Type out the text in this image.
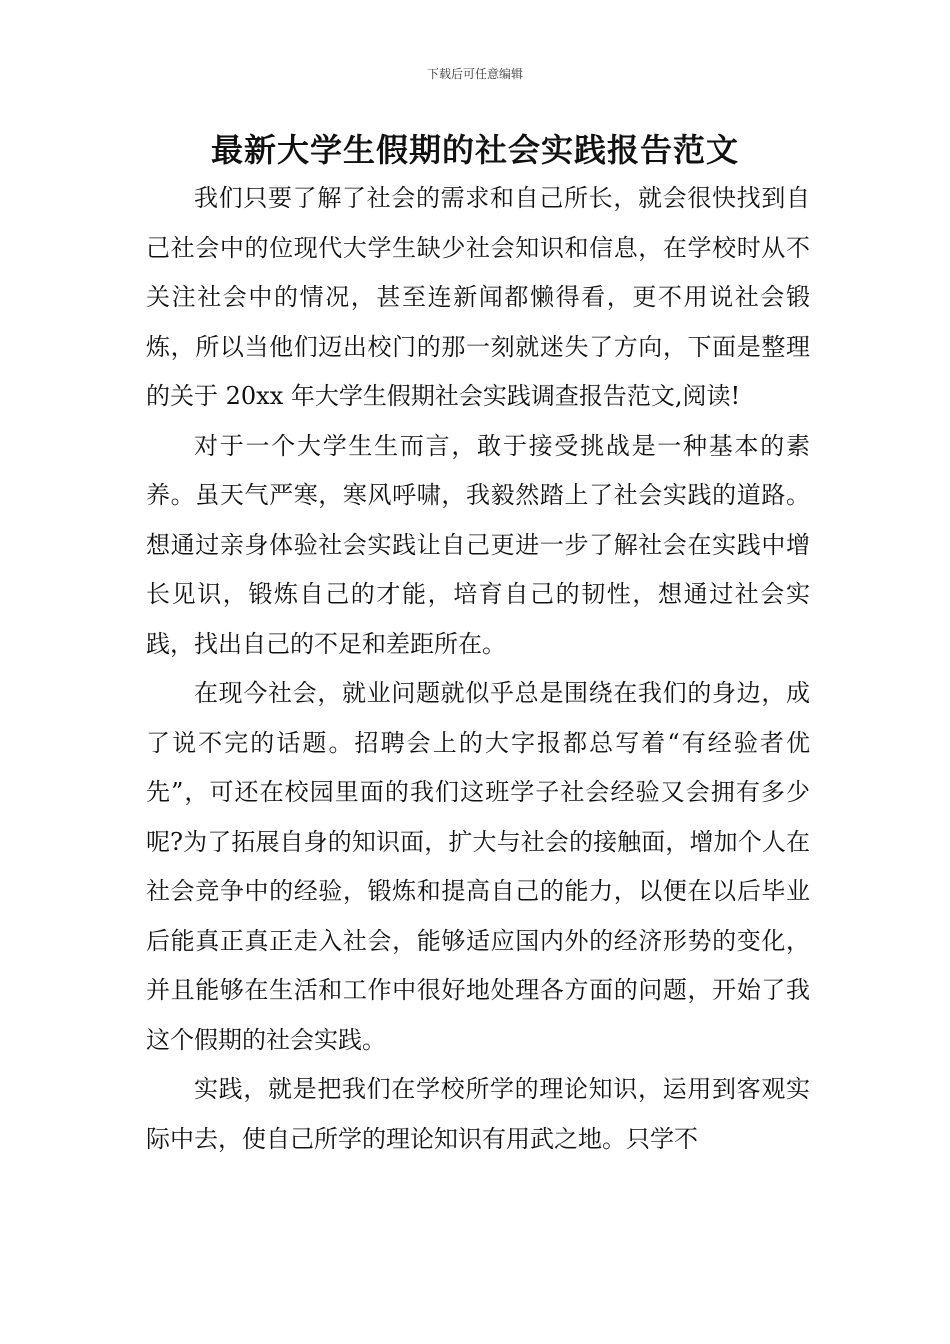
下载后可任意编辑
最新大学生假期的社会实践报告范文

我们只要了解了社会的需求和自己所长，就会很快找到自己社会中的位现代大学生缺少社会知识和信息，在学校时从不关注社会中的情况，甚至连新闻都懒得看，更不用说社会锻炼，所以当他们迈出校门的那一刻就迷失了方向，下面是整理的关于 20xx 年大学生假期社会实践调查报告范文,阅读!

对于一个大学生生而言，敢于接受挑战是一种基本的素养。虽天气严寒，寒风呼啸，我毅然踏上了社会实践的道路。想通过亲身体验社会实践让自己更进一步了解社会在实践中增长见识，锻炼自己的才能，培育自己的韧性，想通过社会实践，找出自己的不足和差距所在。

在现今社会，就业问题就似乎总是围绕在我们的身边，成了说不完的话题。招聘会上的大字报都总写着“有经验者优先”，可还在校园里面的我们这班学子社会经验又会拥有多少呢?为了拓展自身的知识面，扩大与社会的接触面，增加个人在社会竞争中的经验，锻炼和提高自己的能力，以便在以后毕业后能真正真正走入社会，能够适应国内外的经济形势的变化，并且能够在生活和工作中很好地处理各方面的问题，开始了我这个假期的社会实践。

实践，就是把我们在学校所学的理论知识，运用到客观实际中去，使自己所学的理论知识有用武之地。只学不
